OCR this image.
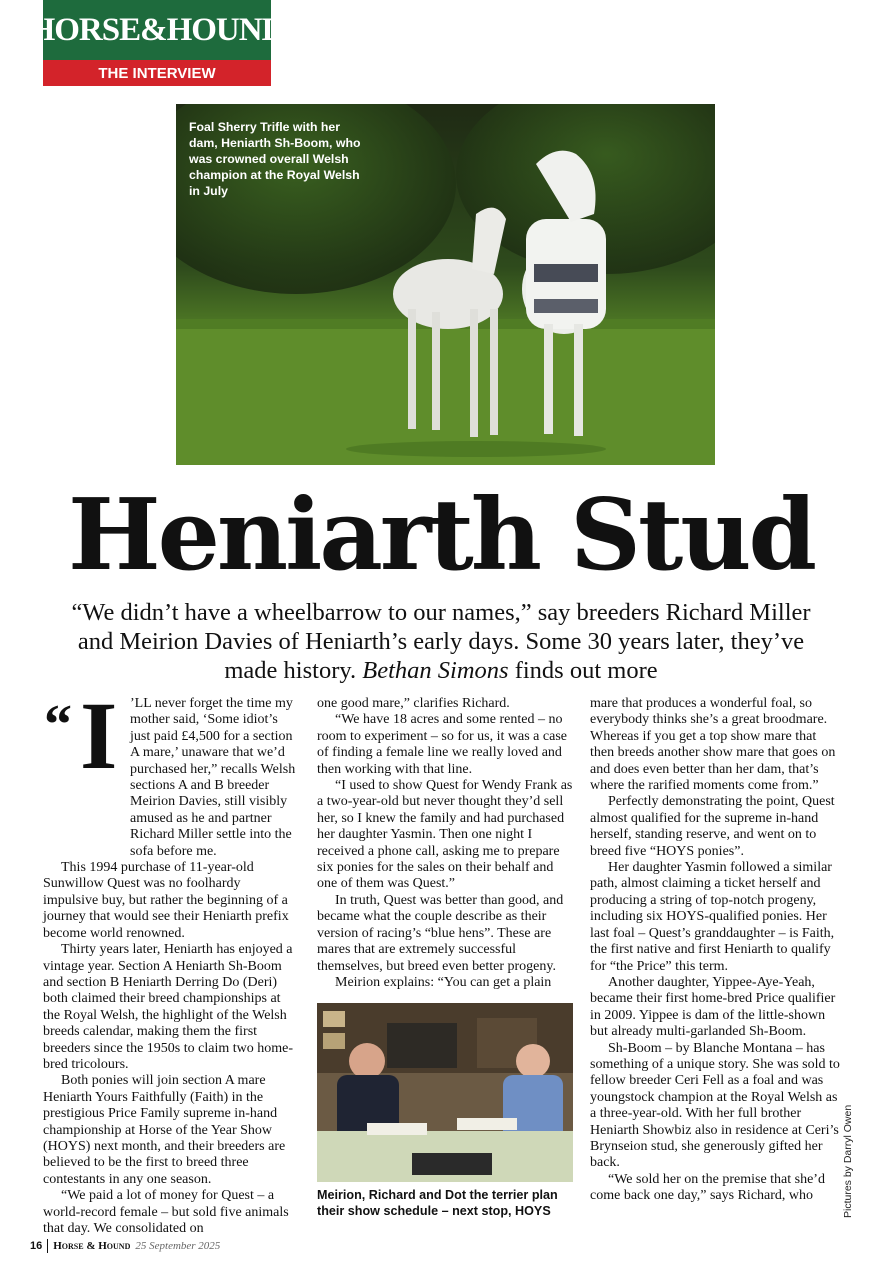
HORSE&HOUND
THE INTERVIEW
Foal Sherry Trifle with her dam, Heniarth Sh-Boom, who was crowned overall Welsh champion at the Royal Welsh in July
Heniarth Stud
“We didn’t have a wheelbarrow to our names,” say breeders Richard Miller and Meirion Davies of Heniarth’s early days. Some 30 years later, they’ve made history. Bethan Simons finds out more
“ I ’LL never forget the time my mother said, ‘Some idiot’s just paid £4,500 for a section A mare,’ unaware that we’d purchased her,” recalls Welsh sections A and B breeder Meirion Davies, still visibly amused as he and partner Richard Miller settle into the sofa before me.

This 1994 purchase of 11-year-old Sunwillow Quest was no foolhardy impulsive buy, but rather the beginning of a journey that would see their Heniarth prefix become world renowned.

Thirty years later, Heniarth has enjoyed a vintage year. Section A Heniarth Sh-Boom and section B Heniarth Derring Do (Deri) both claimed their breed championships at the Royal Welsh, the highlight of the Welsh breeds calendar, making them the first breeders since the 1950s to claim two home-bred tricolours.

Both ponies will join section A mare Heniarth Yours Faithfully (Faith) in the prestigious Price Family supreme in-hand championship at Horse of the Year Show (HOYS) next month, and their breeders are believed to be the first to breed three contestants in any one season.

“We paid a lot of money for Quest – a world-record female – but sold five animals that day. We consolidated on

one good mare,” clarifies Richard.

“We have 18 acres and some rented – no room to experiment – so for us, it was a case of finding a female line we really loved and then working with that line.

“I used to show Quest for Wendy Frank as a two-year-old but never thought they’d sell her, so I knew the family and had purchased her daughter Yasmin. Then one night I received a phone call, asking me to prepare six ponies for the sales on their behalf and one of them was Quest.”

In truth, Quest was better than good, and became what the couple describe as their version of racing’s “blue hens”. These are mares that are extremely successful themselves, but breed even better progeny.

Meirion explains: “You can get a plain

Meirion, Richard and Dot the terrier plan their show schedule – next stop, HOYS

mare that produces a wonderful foal, so everybody thinks she’s a great broodmare. Whereas if you get a top show mare that then breeds another show mare that goes on and does even better than her dam, that’s where the rarified moments come from.”

Perfectly demonstrating the point, Quest almost qualified for the supreme in-hand herself, standing reserve, and went on to breed five “HOYS ponies”.

Her daughter Yasmin followed a similar path, almost claiming a ticket herself and producing a string of top-notch progeny, including six HOYS-qualified ponies. Her last foal – Quest’s granddaughter – is Faith, the first native and first Heniarth to qualify for “the Price” this term.

Another daughter, Yippee-Aye-Yeah, became their first home-bred Price qualifier in 2009. Yippee is dam of the little-shown but already multi-garlanded Sh-Boom.

Sh-Boom – by Blanche Montana – has something of a unique story. She was sold to fellow breeder Ceri Fell as a foal and was youngstock champion at the Royal Welsh as a three-year-old. With her full brother Heniarth Showbiz also in residence at Ceri’s Brynseion stud, she generously gifted her back.

“We sold her on the premise that she’d come back one day,” says Richard, who	Pictures by Darryl Owen
16 Horse & Hound 25 September 2025
